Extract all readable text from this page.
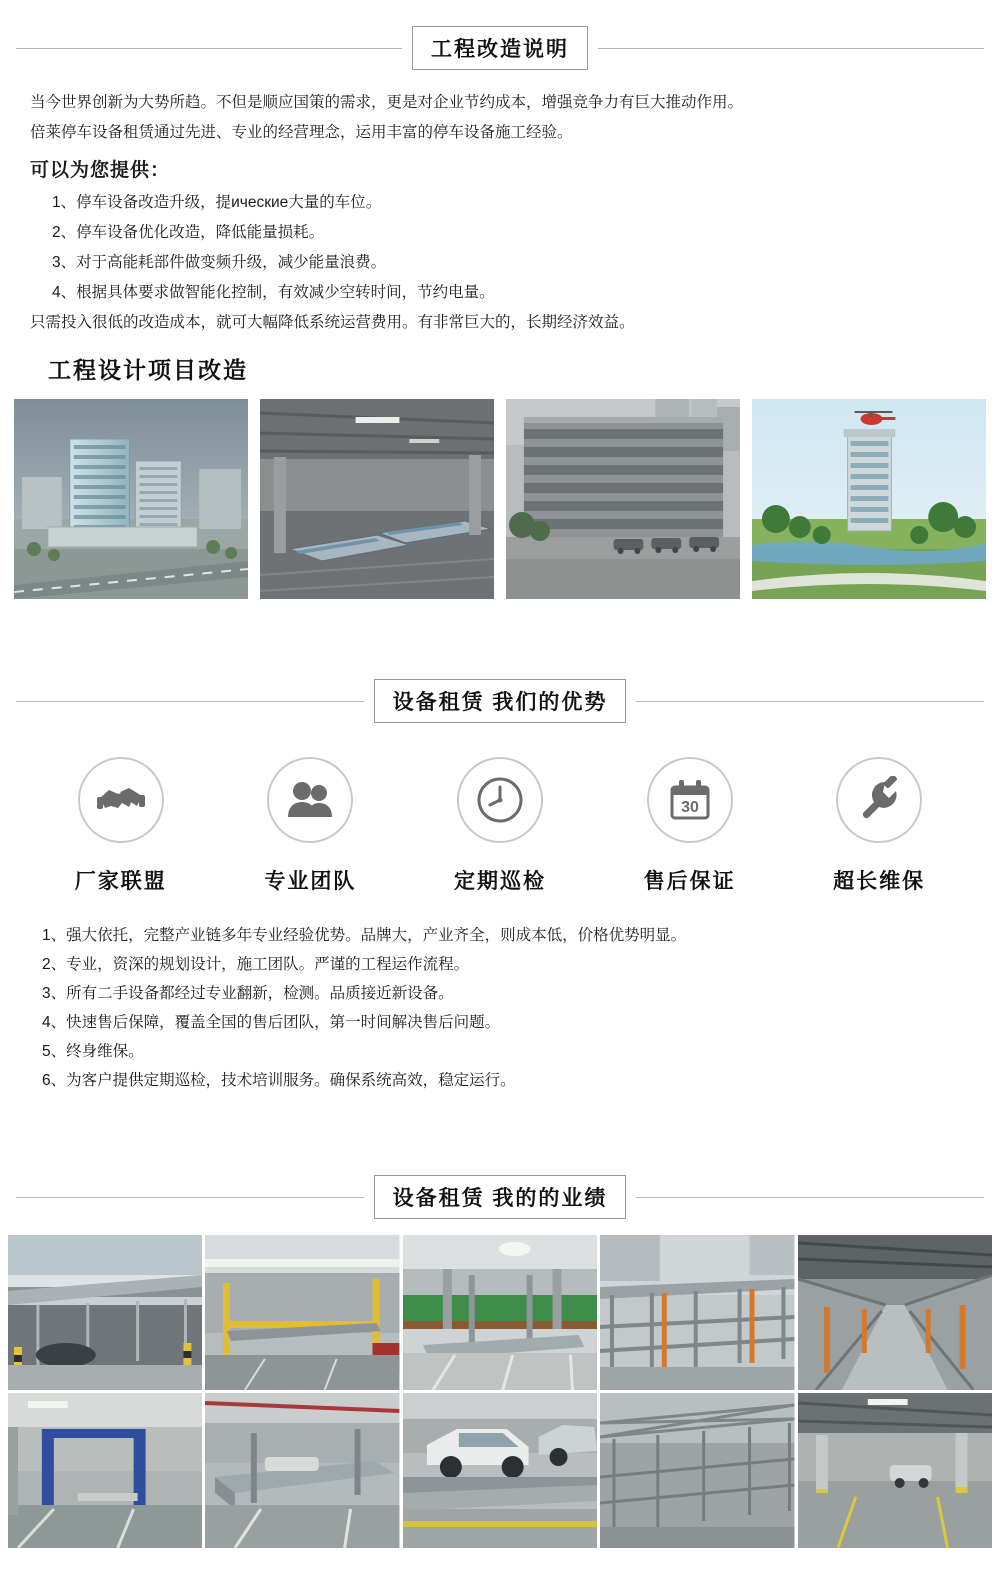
工程改造说明

当今世界创新为大势所趋。不但是顺应国策的需求，更是对企业节约成本，增强竞争力有巨大推动作用。

倍莱停车设备租赁通过先进、专业的经营理念，运用丰富的停车设备施工经验。

可以为您提供：

1、停车设备改造升级，提ические大量的车位。

2、停车设备优化改造，降低能量损耗。

3、对于高能耗部件做变频升级，减少能量浪费。

4、根据具体要求做智能化控制，有效减少空转时间，节约电量。

只需投入很低的改造成本，就可大幅降低系统运营费用。有非常巨大的，长期经济效益。

工程设计项目改造
设备租赁 我们的优势
厂家联盟	专业团队	定期巡检
30
售后保证	超长维保

1、强大依托，完整产业链多年专业经验优势。品牌大，产业齐全，则成本低，价格优势明显。

2、专业，资深的规划设计，施工团队。严谨的工程运作流程。

3、所有二手设备都经过专业翻新，检测。品质接近新设备。

4、快速售后保障，覆盖全国的售后团队，第一时间解决售后问题。

5、终身维保。

6、为客户提供定期巡检，技术培训服务。确保系统高效，稳定运行。

设备租赁 我的的业绩
